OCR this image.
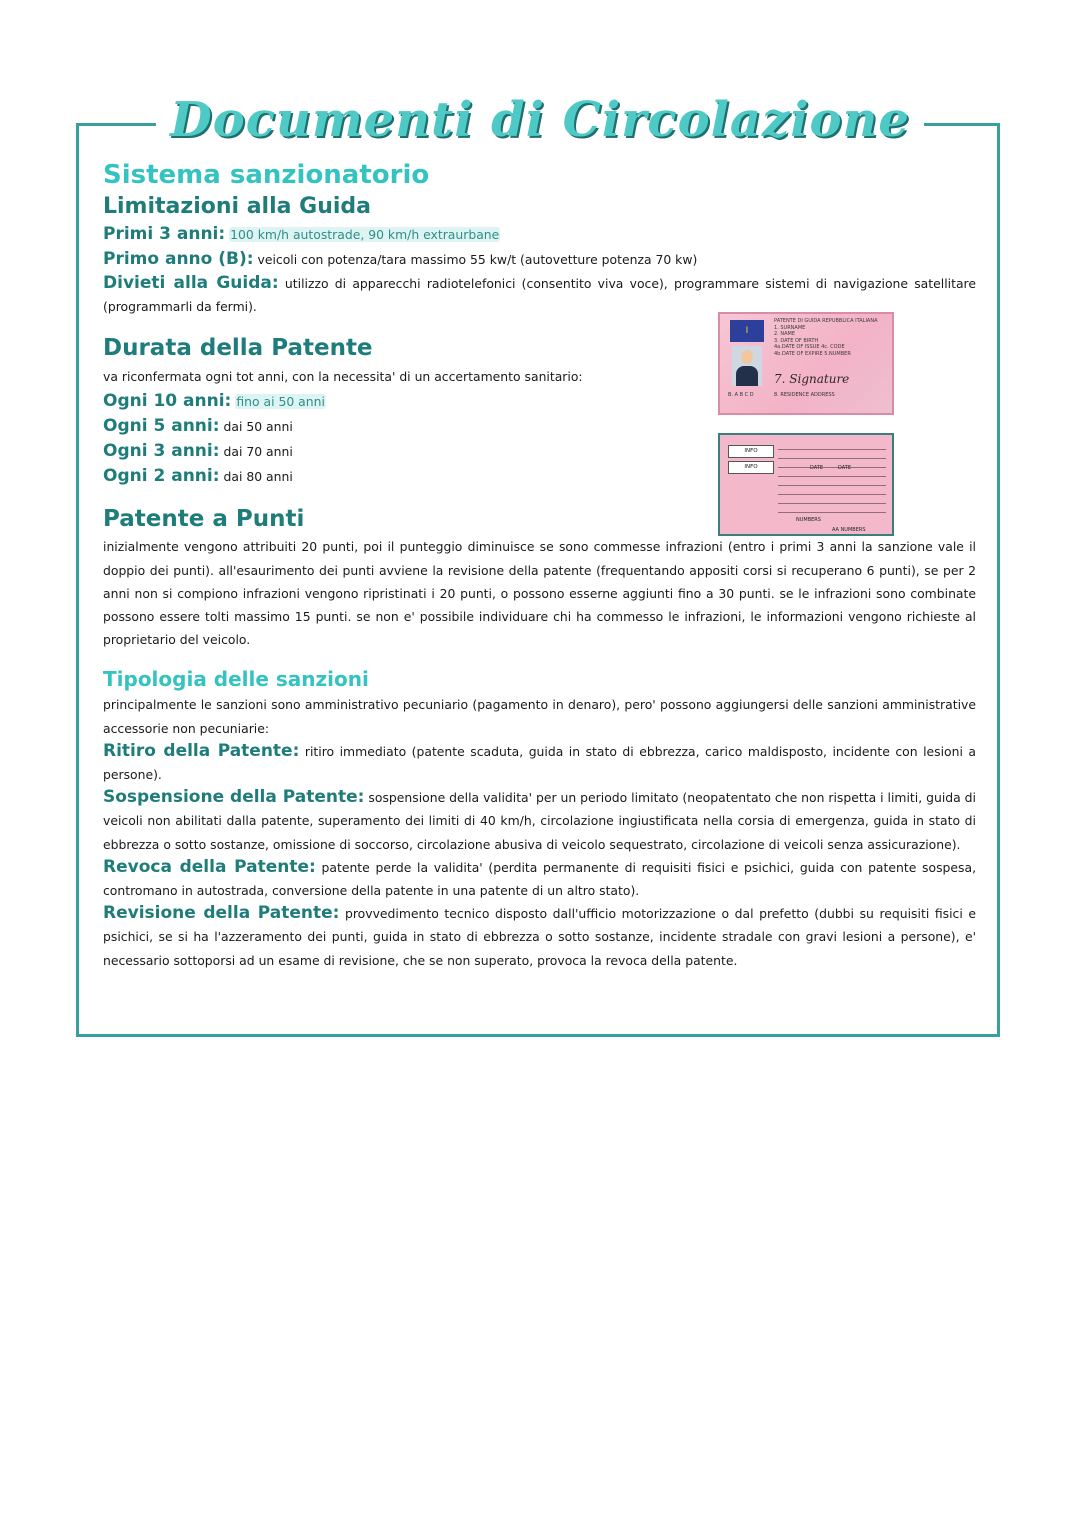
Documenti di Circolazione

Sistema sanzionatorio

Limitazioni alla Guida

Primi 3 anni: 100 km/h autostrade, 90 km/h extraurbane

Primo anno (B): veicoli con potenza/tara massimo 55 kw/t (autovetture potenza 70 kw)

Divieti alla Guida: utilizzo di apparecchi radiotelefonici (consentito viva voce), programmare sistemi di navigazione satellitare (programmarli da fermi).

Durata della Patente

va riconfermata ogni tot anni, con la necessita' di un accertamento sanitario:

Ogni 10 anni: fino ai 50 anni

Ogni 5 anni: dai 50 anni

Ogni 3 anni: dai 70 anni

Ogni 2 anni: dai 80 anni

Patente a Punti

inizialmente vengono attribuiti 20 punti, poi il punteggio diminuisce se sono commesse infrazioni (entro i primi 3 anni la sanzione vale il doppio dei punti). all'esaurimento dei punti avviene la revisione della patente (frequentando appositi corsi si recuperano 6 punti), se per 2 anni non si compiono infrazioni vengono ripristinati i 20 punti, o possono esserne aggiunti fino a 30 punti. se le infrazioni sono combinate possono essere tolti massimo 15 punti. se non e' possibile individuare chi ha commesso le infrazioni, le informazioni vengono richieste al proprietario del veicolo.

Tipologia delle sanzioni

principalmente le sanzioni sono amministrativo pecuniario (pagamento in denaro), pero' possono aggiungersi delle sanzioni amministrative accessorie non pecuniarie:

Ritiro della Patente: ritiro immediato (patente scaduta, guida in stato di ebbrezza, carico maldisposto, incidente con lesioni a persone).

Sospensione della Patente: sospensione della validita' per un periodo limitato (neopatentato che non rispetta i limiti, guida di veicoli non abilitati dalla patente, superamento dei limiti di 40 km/h, circolazione ingiustificata nella corsia di emergenza, guida in stato di ebbrezza o sotto sostanze, omissione di soccorso, circolazione abusiva di veicolo sequestrato, circolazione di veicoli senza assicurazione).

Revoca della Patente: patente perde la validita' (perdita permanente di requisiti fisici e psichici, guida con patente sospesa, contromano in autostrada, conversione della patente in una patente di un altro stato).

Revisione della Patente: provvedimento tecnico disposto dall'ufficio motorizzazione o dal prefetto (dubbi su requisiti fisici e psichici, se si ha l'azzeramento dei punti, guida in stato di ebbrezza o sotto sostanze, incidente stradale con gravi lesioni a persone), e' necessario sottoporsi ad un esame di revisione, che se non superato, provoca la revoca della patente.

I
PATENTE DI GUIDA REPUBBLICA ITALIANA
1. SURNAME
2. NAME
3. DATE OF BIRTH
4a.DATE OF ISSUE 4c. CODE
4b.DATE OF EXPIRE 5.NUMBER
7. Signature
B. A B C D	8. RESIDENCE ADDRESS
INFO
INFO	DATE	DATE
NUMBERS
AA NUMBERS
